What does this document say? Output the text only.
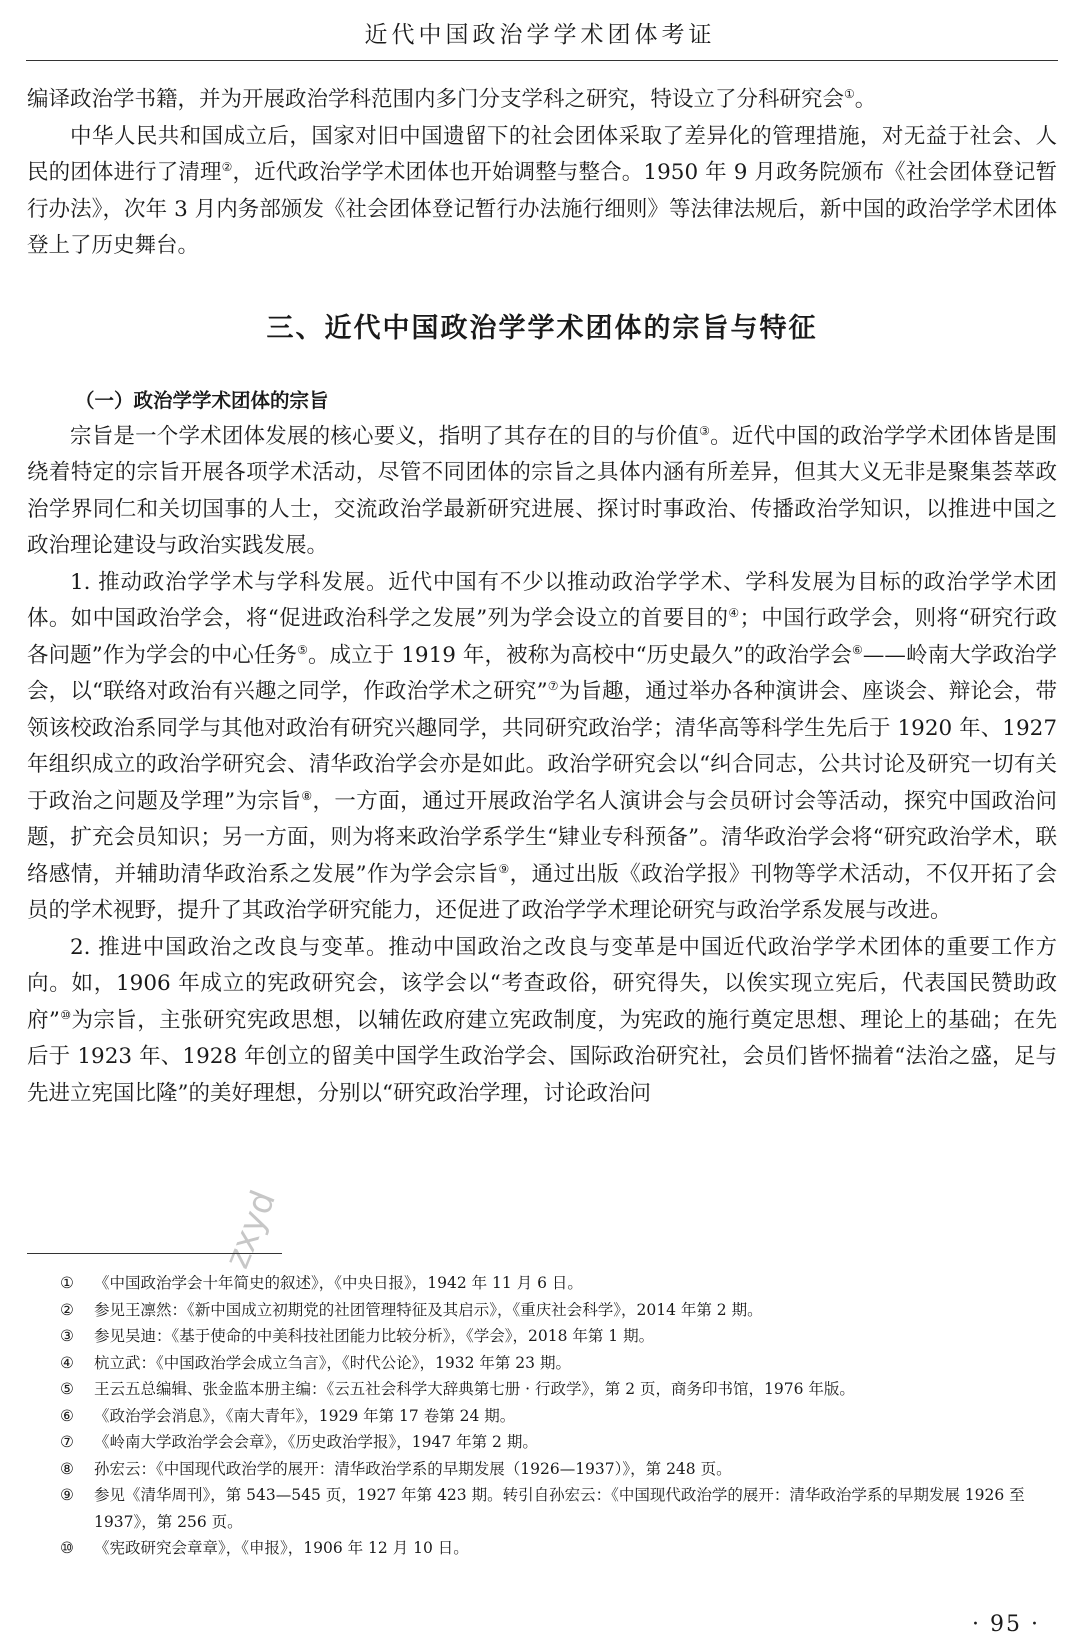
近代中国政治学学术团体考证

编译政治学书籍，并为开展政治学科范围内多门分支学科之研究，特设立了分科研究会①。

中华人民共和国成立后，国家对旧中国遗留下的社会团体采取了差异化的管理措施，对无益于社会、人民的团体进行了清理②，近代政治学学术团体也开始调整与整合。1950 年 9 月政务院颁布《社会团体登记暂行办法》，次年 3 月内务部颁发《社会团体登记暂行办法施行细则》等法律法规后，新中国的政治学学术团体登上了历史舞台。

三、近代中国政治学学术团体的宗旨与特征

（一）政治学学术团体的宗旨

宗旨是一个学术团体发展的核心要义，指明了其存在的目的与价值③。近代中国的政治学学术团体皆是围绕着特定的宗旨开展各项学术活动，尽管不同团体的宗旨之具体内涵有所差异，但其大义无非是聚集荟萃政治学界同仁和关切国事的人士，交流政治学最新研究进展、探讨时事政治、传播政治学知识，以推进中国之政治理论建设与政治实践发展。

1. 推动政治学学术与学科发展。近代中国有不少以推动政治学学术、学科发展为目标的政治学学术团体。如中国政治学会，将“促进政治科学之发展”列为学会设立的首要目的④；中国行政学会，则将“研究行政各问题”作为学会的中心任务⑤。成立于 1919 年，被称为高校中“历史最久”的政治学会⑥——岭南大学政治学会，以“联络对政治有兴趣之同学，作政治学术之研究”⑦为旨趣，通过举办各种演讲会、座谈会、辩论会，带领该校政治系同学与其他对政治有研究兴趣同学，共同研究政治学；清华高等科学生先后于 1920 年、1927 年组织成立的政治学研究会、清华政治学会亦是如此。政治学研究会以“纠合同志，公共讨论及研究一切有关于政治之问题及学理”为宗旨⑧，一方面，通过开展政治学名人演讲会与会员研讨会等活动，探究中国政治问题，扩充会员知识；另一方面，则为将来政治学系学生“肄业专科预备”。清华政治学会将“研究政治学术，联络感情，并辅助清华政治系之发展”作为学会宗旨⑨，通过出版《政治学报》刊物等学术活动，不仅开拓了会员的学术视野，提升了其政治学研究能力，还促进了政治学学术理论研究与政治学系发展与改进。

2. 推进中国政治之改良与变革。推动中国政治之改良与变革是中国近代政治学学术团体的重要工作方向。如，1906 年成立的宪政研究会，该学会以“考查政俗，研究得失，以俟实现立宪后，代表国民赞助政府”⑩为宗旨，主张研究宪政思想，以辅佐政府建立宪政制度，为宪政的施行奠定思想、理论上的基础；在先后于 1923 年、1928 年创立的留美中国学生政治学会、国际政治研究社，会员们皆怀揣着“法治之盛，足与先进立宪国比隆”的美好理想，分别以“研究政治学理，讨论政治问

zxyd
①	《中国政治学会十年简史的叙述》，《中央日报》，1942 年 11 月 6 日。
②	参见王凛然：《新中国成立初期党的社团管理特征及其启示》，《重庆社会科学》，2014 年第 2 期。
③	参见吴迪：《基于使命的中美科技社团能力比较分析》，《学会》，2018 年第 1 期。
④	杭立武：《中国政治学会成立刍言》，《时代公论》，1932 年第 23 期。
⑤	王云五总编辑、张金监本册主编：《云五社会科学大辞典第七册 · 行政学》，第 2 页，商务印书馆，1976 年版。
⑥	《政治学会消息》，《南大青年》，1929 年第 17 卷第 24 期。
⑦	《岭南大学政治学会会章》，《历史政治学报》，1947 年第 2 期。
⑧	孙宏云：《中国现代政治学的展开：清华政治学系的早期发展（1926—1937）》，第 248 页。
⑨	参见《清华周刊》，第 543—545 页，1927 年第 423 期。转引自孙宏云：《中国现代政治学的展开：清华政治学系的早期发展 1926 至 1937》，第 256 页。
⑩	《宪政研究会章章》，《申报》，1906 年 12 月 10 日。
· 95 ·
